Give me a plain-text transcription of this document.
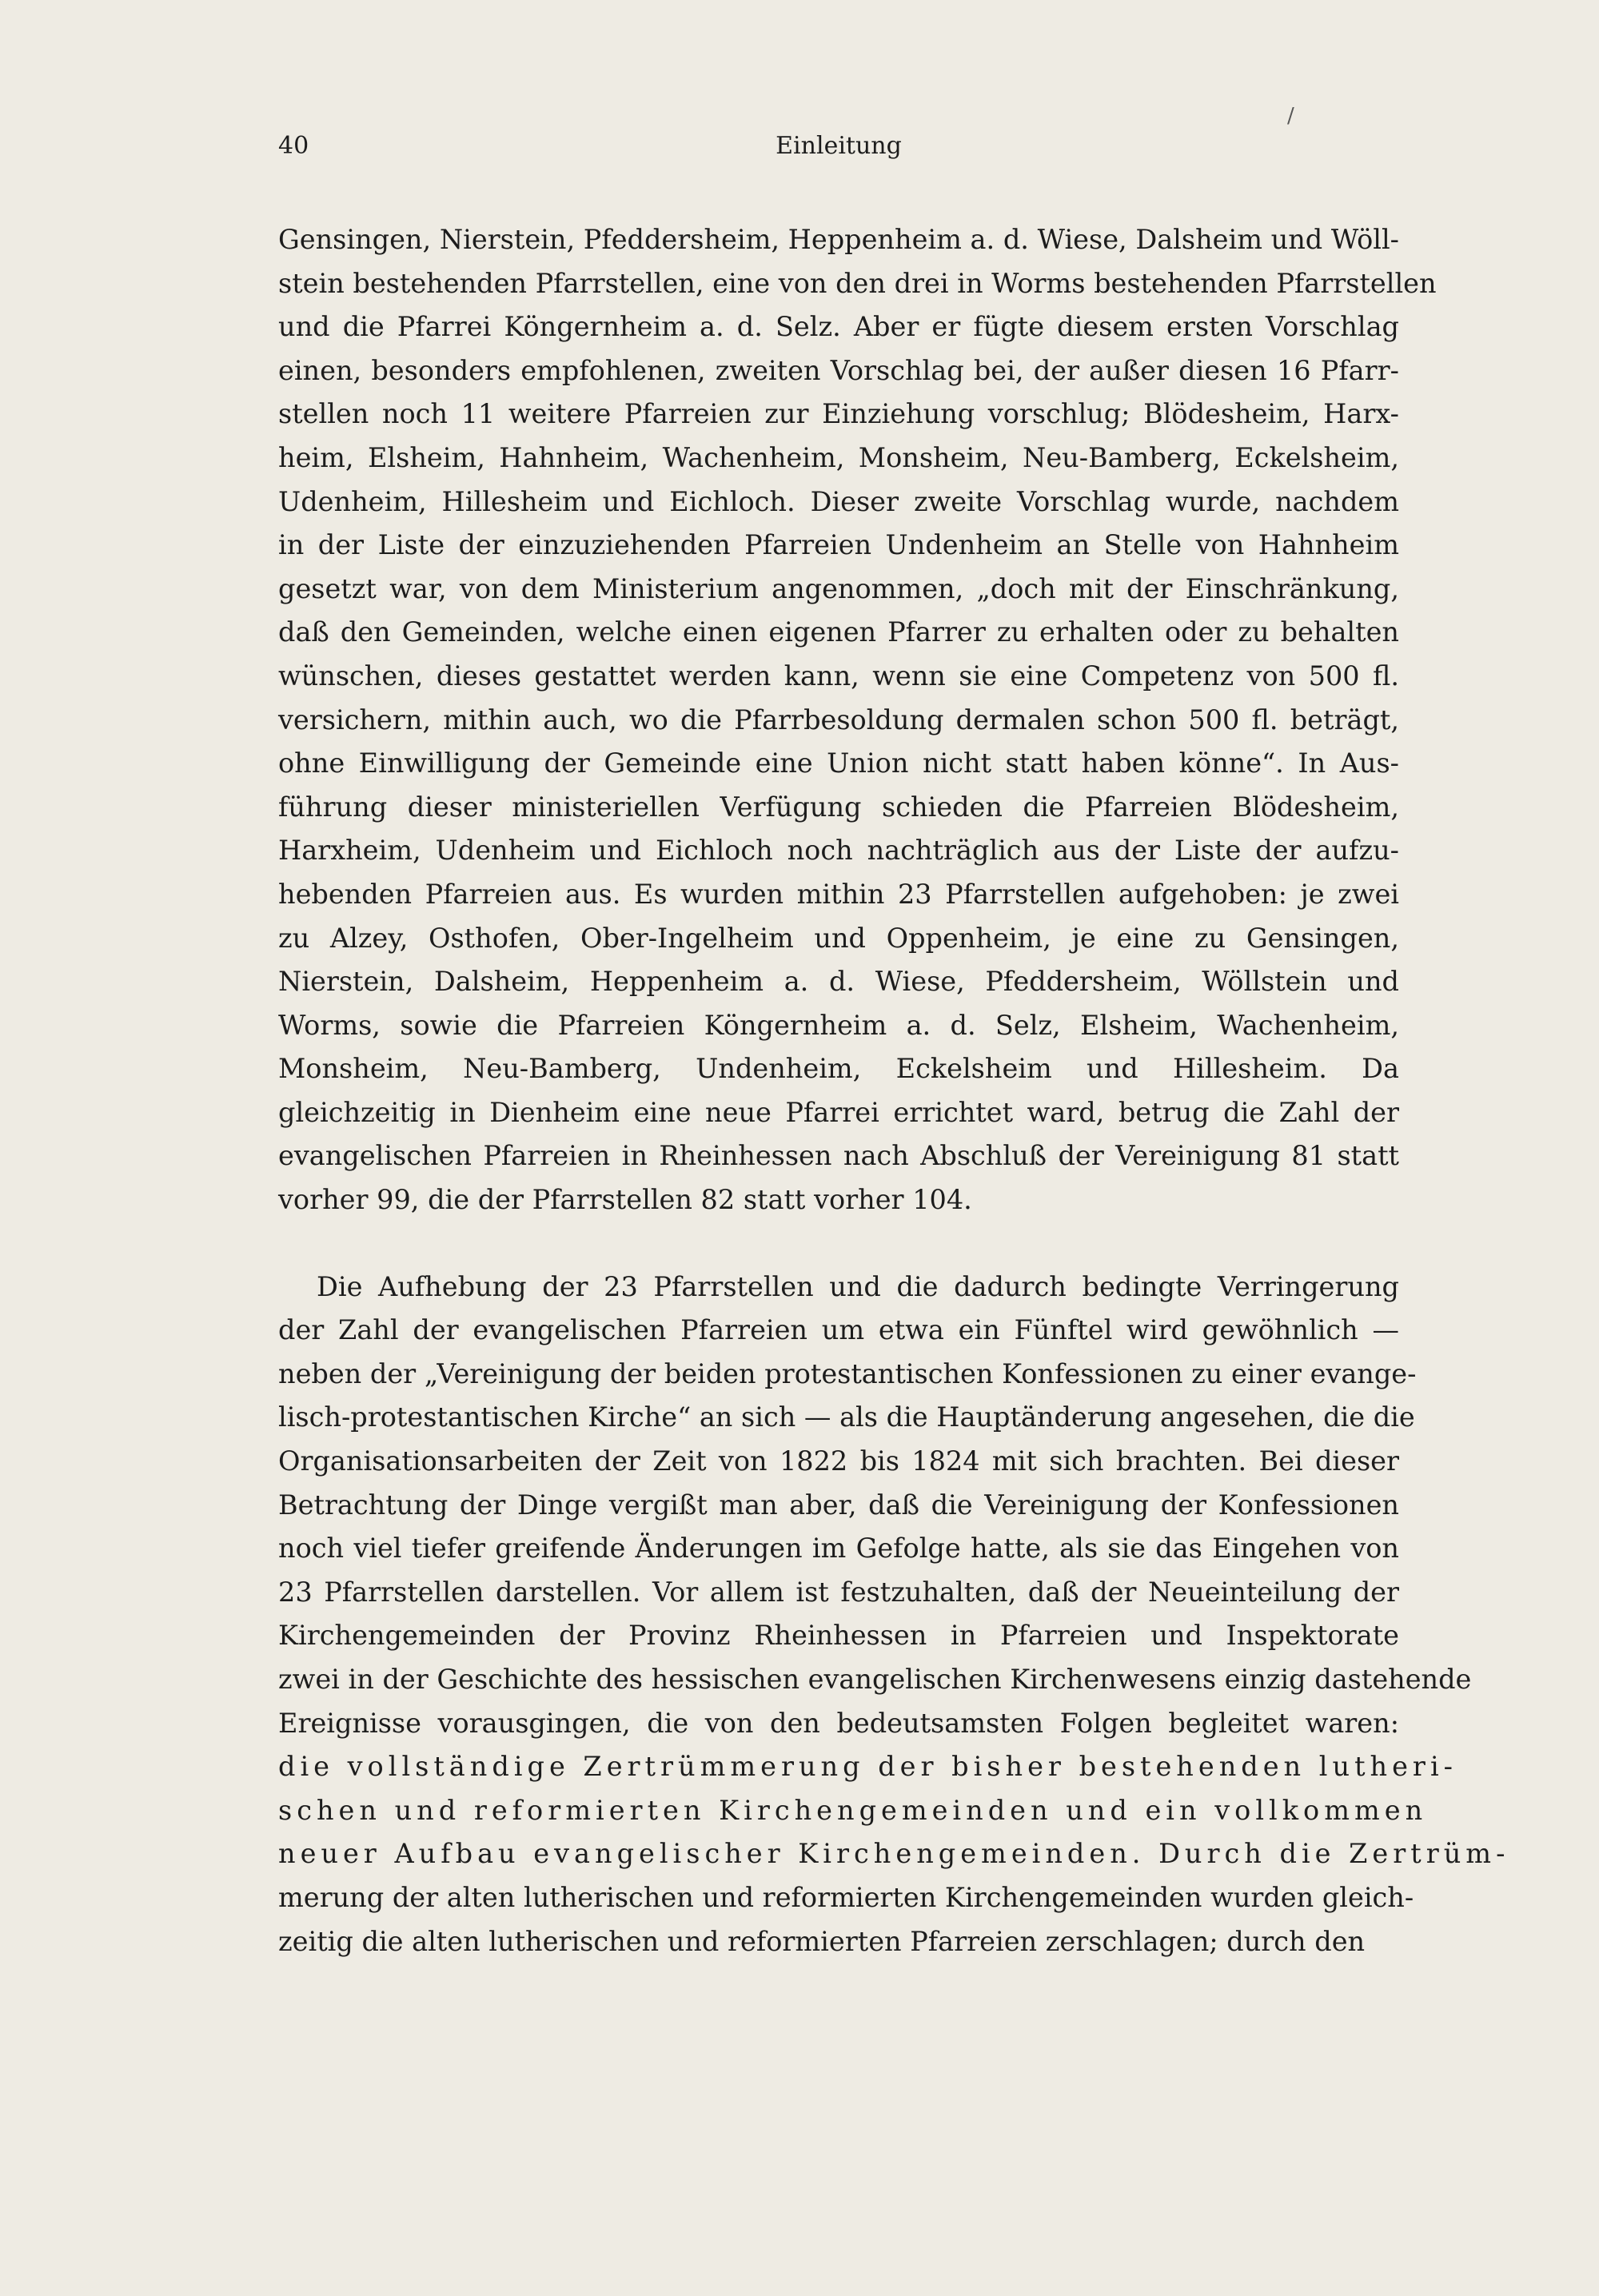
/
40	Einleitung
Gensingen, Nierstein, Pfeddersheim, Heppenheim a. d. Wiese, Dalsheim und Wöll-
stein bestehenden Pfarrstellen, eine von den drei in Worms bestehenden Pfarrstellen
und die Pfarrei Köngernheim a. d. Selz. Aber er fügte diesem ersten Vorschlag
einen, besonders empfohlenen, zweiten Vorschlag bei, der außer diesen 16 Pfarr-
stellen noch 11 weitere Pfarreien zur Einziehung vorschlug; Blödesheim, Harx-
heim, Elsheim, Hahnheim, Wachenheim, Monsheim, Neu-Bamberg, Eckelsheim,
Udenheim, Hillesheim und Eichloch. Dieser zweite Vorschlag wurde, nachdem
in der Liste der einzuziehenden Pfarreien Undenheim an Stelle von Hahnheim
gesetzt war, von dem Ministerium angenommen, „doch mit der Einschränkung,
daß den Gemeinden, welche einen eigenen Pfarrer zu erhalten oder zu behalten
wünschen, dieses gestattet werden kann, wenn sie eine Competenz von 500 fl.
versichern, mithin auch, wo die Pfarrbesoldung dermalen schon 500 fl. beträgt,
ohne Einwilligung der Gemeinde eine Union nicht statt haben könne“. In Aus-
führung dieser ministeriellen Verfügung schieden die Pfarreien Blödesheim,
Harxheim, Udenheim und Eichloch noch nachträglich aus der Liste der aufzu-
hebenden Pfarreien aus. Es wurden mithin 23 Pfarrstellen aufgehoben: je zwei
zu Alzey, Osthofen, Ober-Ingelheim und Oppenheim, je eine zu Gensingen,
Nierstein, Dalsheim, Heppenheim a. d. Wiese, Pfeddersheim, Wöllstein und
Worms, sowie die Pfarreien Köngernheim a. d. Selz, Elsheim, Wachenheim,
Monsheim, Neu-Bamberg, Undenheim, Eckelsheim und Hillesheim. Da
gleichzeitig in Dienheim eine neue Pfarrei errichtet ward, betrug die Zahl der
evangelischen Pfarreien in Rheinhessen nach Abschluß der Vereinigung 81 statt
vorher 99, die der Pfarrstellen 82 statt vorher 104.
Die Aufhebung der 23 Pfarrstellen und die dadurch bedingte Verringerung
der Zahl der evangelischen Pfarreien um etwa ein Fünftel wird gewöhnlich —
neben der „Vereinigung der beiden protestantischen Konfessionen zu einer evange-
lisch-protestantischen Kirche“ an sich — als die Hauptänderung angesehen, die die
Organisationsarbeiten der Zeit von 1822 bis 1824 mit sich brachten. Bei dieser
Betrachtung der Dinge vergißt man aber, daß die Vereinigung der Konfessionen
noch viel tiefer greifende Änderungen im Gefolge hatte, als sie das Eingehen von
23 Pfarrstellen darstellen. Vor allem ist festzuhalten, daß der Neueinteilung der
Kirchengemeinden der Provinz Rheinhessen in Pfarreien und Inspektorate
zwei in der Geschichte des hessischen evangelischen Kirchenwesens einzig dastehende
Ereignisse vorausgingen, die von den bedeutsamsten Folgen begleitet waren:
die vollständige Zertrümmerung der bisher bestehenden lutheri-
schen und reformierten Kirchengemeinden und ein vollkommen
neuer Aufbau evangelischer Kirchengemeinden. Durch die Zertrüm-
merung der alten lutherischen und reformierten Kirchengemeinden wurden gleich-
zeitig die alten lutherischen und reformierten Pfarreien zerschlagen; durch den
